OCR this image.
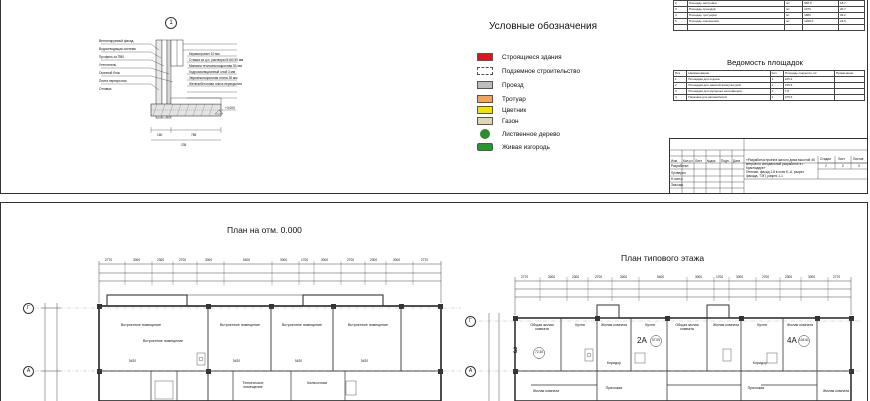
1
Вентилируемый фасад
Водоотводящая система
Профиль из ПВХ
Утеплитель
Оконный блок
Плита перекрытия
Отливка
Керамогранит 10 мм
Стяжка из ц.п. раствора М150 50 мм
Минвата теплоизоляционная 50 мм
Гидроизоляционный слой 3 мм
Звукоизоляционная плита 30 мм
Железобетонная плита перекрытия
160	785
235
+3.000
Условные обозначения
Строящиеся здания
Подземное строительство
Проезд
Тротуар
Цветник
Газон
Лиственное дерево
Живая изгородь
2	Площадь застройки	м²	966.0	18.7
3	Площадь проездов	м²	1076	20.7
4	Площадь тротуаров	м²	1880	36.2
5	Площадь озеленения	м²	1268.0	24.5

Ведомость площадок
Поз.	Наименование	Кол.	Площадь покрытия, м²	Примечание
1	Площадка для отдыха	1	225.2	
2	Площадка для занятий физкультурой	1	135.6	
3	Площадка для мусорных контейнеров	1	7.8	
4	Парковка для автомобилей	1	375.6	
«Разработка проекта жилого дома высотой 45 метров по специальной разработке в г. Краснодаре»
Генплан, фасад 1-8 в осях Е–А, разрез фасада, ТЭП, разрез 1-1
Стадия Лист	Листов
У	2	3
Изм. Кол.уч Лист №док Подп. Дата
Разработал
Проверил
Н.контр.
Зав.каф.
План на отм. 0.000
План типового этажа
2770	3000	2300	2700	3000	5400	3000	1700	3000	2700	2300	3000	2770
Г
А
Встроенное помещение
Встроенное помещение
Встроенное помещение	Встроенное помещение	Встроенное помещение
Техническое помещение
Колясочная
5420	5420	5420	5420
2770	3000	2300	2700	3000	5400	3000	1700	3000	2700	2300	3000	2770
Г
А
3	72.35
2А 57.05	4А 104.61
Общая жилая комната
Кухня	Жилая комната	Кухня	Общая жилая комната
Жилая комната	Кухня	Жилая комната
Коридор	Коридор
Прихожая	Прихожая
Жилая комната	Жилая комната
